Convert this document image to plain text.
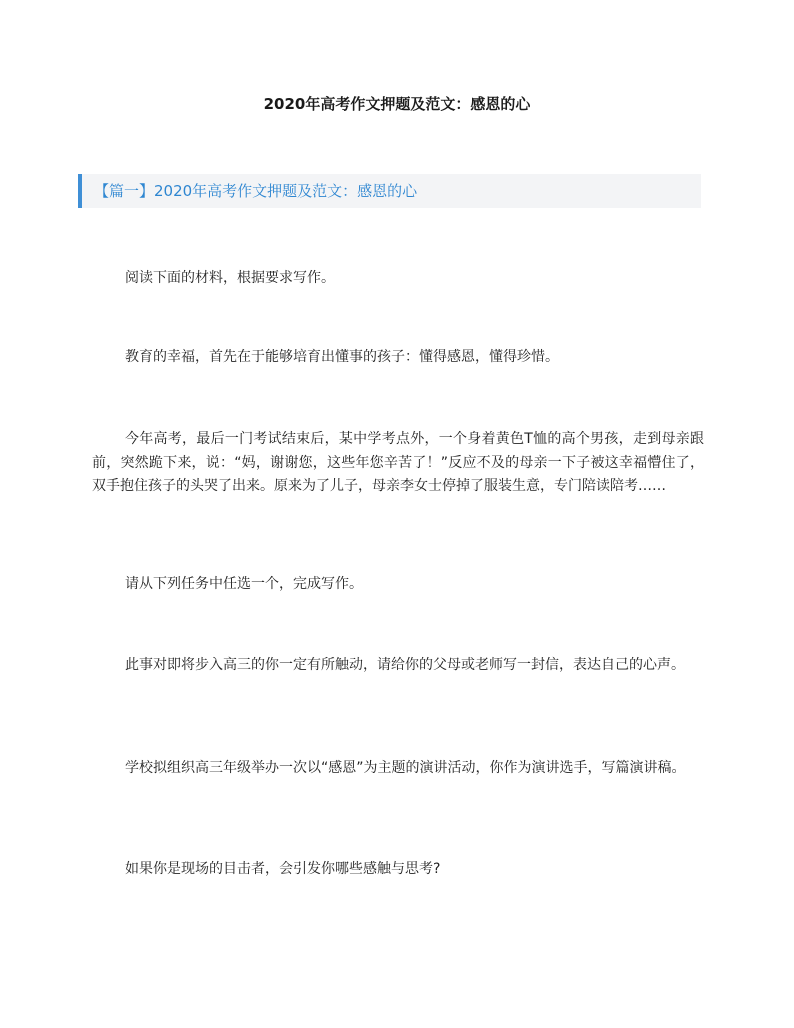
2020年高考作文押题及范文：感恩的心
【篇一】2020年高考作文押题及范文：感恩的心

阅读下面的材料，根据要求写作。

教育的幸福，首先在于能够培育出懂事的孩子：懂得感恩，懂得珍惜。

今年高考，最后一门考试结束后，某中学考点外，一个身着黄色T恤的高个男孩，走到母亲跟前，突然跪下来，说：“妈，谢谢您，这些年您辛苦了！”反应不及的母亲一下子被这幸福懵住了，双手抱住孩子的头哭了出来。原来为了儿子，母亲李女士停掉了服装生意，专门陪读陪考……

请从下列任务中任选一个，完成写作。

此事对即将步入高三的你一定有所触动，请给你的父母或老师写一封信，表达自己的心声。

学校拟组织高三年级举办一次以“感恩”为主题的演讲活动，你作为演讲选手，写篇演讲稿。

如果你是现场的目击者，会引发你哪些感触与思考?
